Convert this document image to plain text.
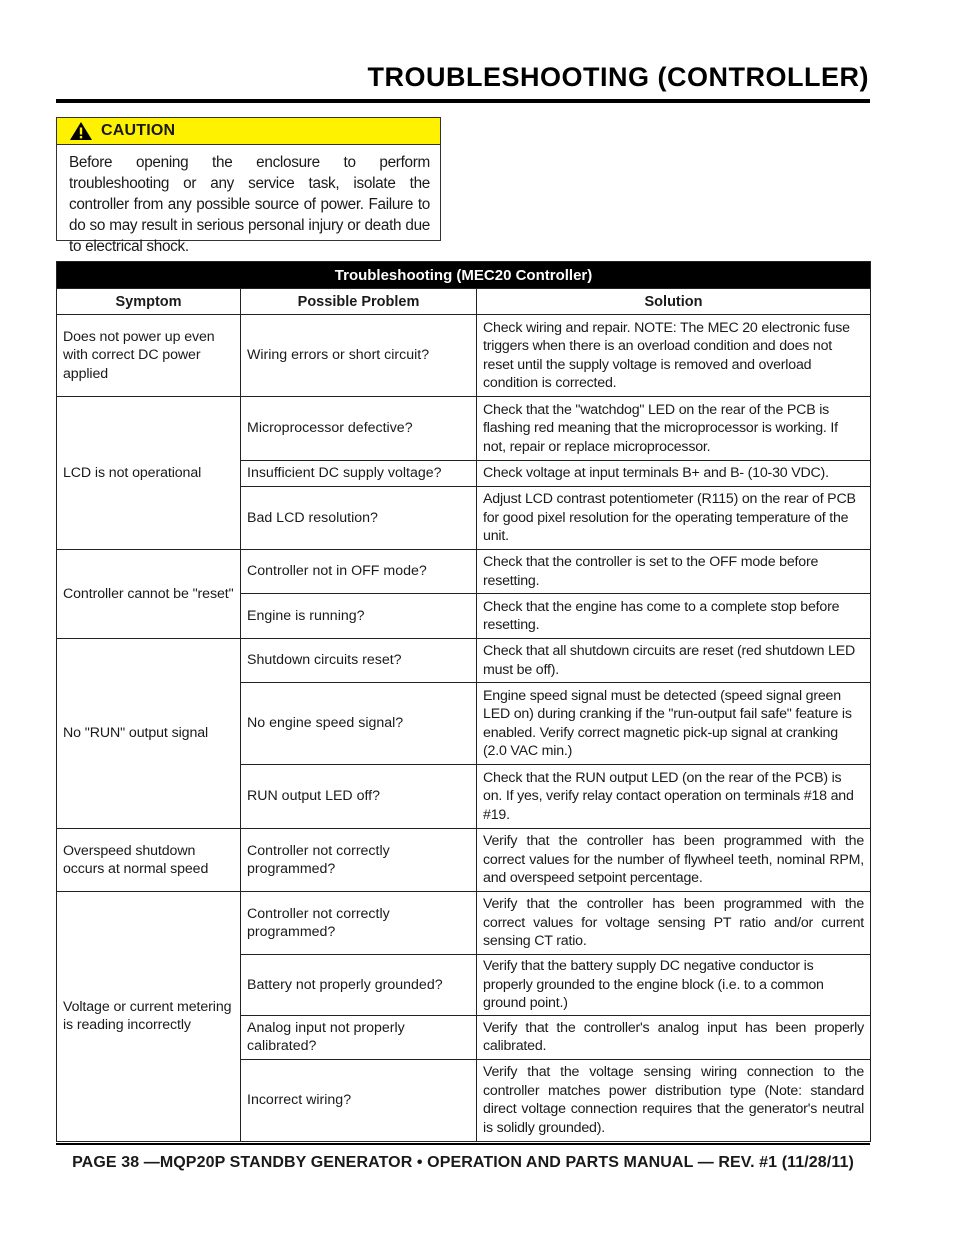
TROUBLESHOOTING (CONTROLLER)
CAUTION

Before opening the enclosure to perform troubleshooting or any service task, isolate the controller from any possible source of power. Failure to do so may result in serious personal injury or death due to electrical shock.

Troubleshooting (MEC20 Controller)		
Symptom	Possible Problem	Solution
Does not power up even with correct DC power applied	Wiring errors or short circuit?	Check wiring and repair. NOTE: The MEC 20 electronic fuse triggers when there is an overload condition and does not reset until the supply voltage is removed and overload condition is corrected.
LCD is not operational	Microprocessor defective?	Check that the "watchdog" LED on the rear of the PCB is flashing red meaning that the microprocessor is working. If not, repair or replace microprocessor.
	Insufficient DC supply voltage?	Check voltage at input terminals B+ and B- (10-30 VDC).
	Bad LCD resolution?	Adjust LCD contrast potentiometer (R115) on the rear of PCB for good pixel resolution for the operating temperature of the unit.
Controller cannot be "reset"	Controller not in OFF mode?	Check that the controller is set to the OFF mode before resetting.
	Engine is running?	Check that the engine has come to a complete stop before resetting.
No "RUN" output signal	Shutdown circuits reset?	Check that all shutdown circuits are reset (red shutdown LED must be off).
	No engine speed signal?	Engine speed signal must be detected (speed signal green LED on) during cranking if the "run-output fail safe" feature is enabled. Verify correct magnetic pick-up signal at cranking (2.0 VAC min.)
	RUN output LED off?	Check that the RUN output LED (on the rear of the PCB) is on. If yes, verify relay contact operation on terminals #18 and #19.
Overspeed shutdown occurs at normal speed	Controller not correctly programmed?	Verify that the controller has been programmed with the correct values for the number of flywheel teeth, nominal RPM, and overspeed setpoint percentage.
Voltage or current metering is reading incorrectly	Controller not correctly programmed?	Verify that the controller has been programmed with the correct values for voltage sensing PT ratio and/or current sensing CT ratio.
	Battery not properly grounded?	Verify that the battery supply DC negative conductor is properly grounded to the engine block (i.e. to a common ground point.)
	Analog input not properly calibrated?	Verify that the controller's analog input has been properly calibrated.
	Incorrect wiring?	Verify that the voltage sensing wiring connection to the controller matches power distribution type (Note: standard direct voltage connection requires that the generator's neutral is solidly grounded).
PAGE 38 —MQP20P STANDBY GENERATOR • OPERATION AND PARTS MANUAL — REV. #1 (11/28/11)
